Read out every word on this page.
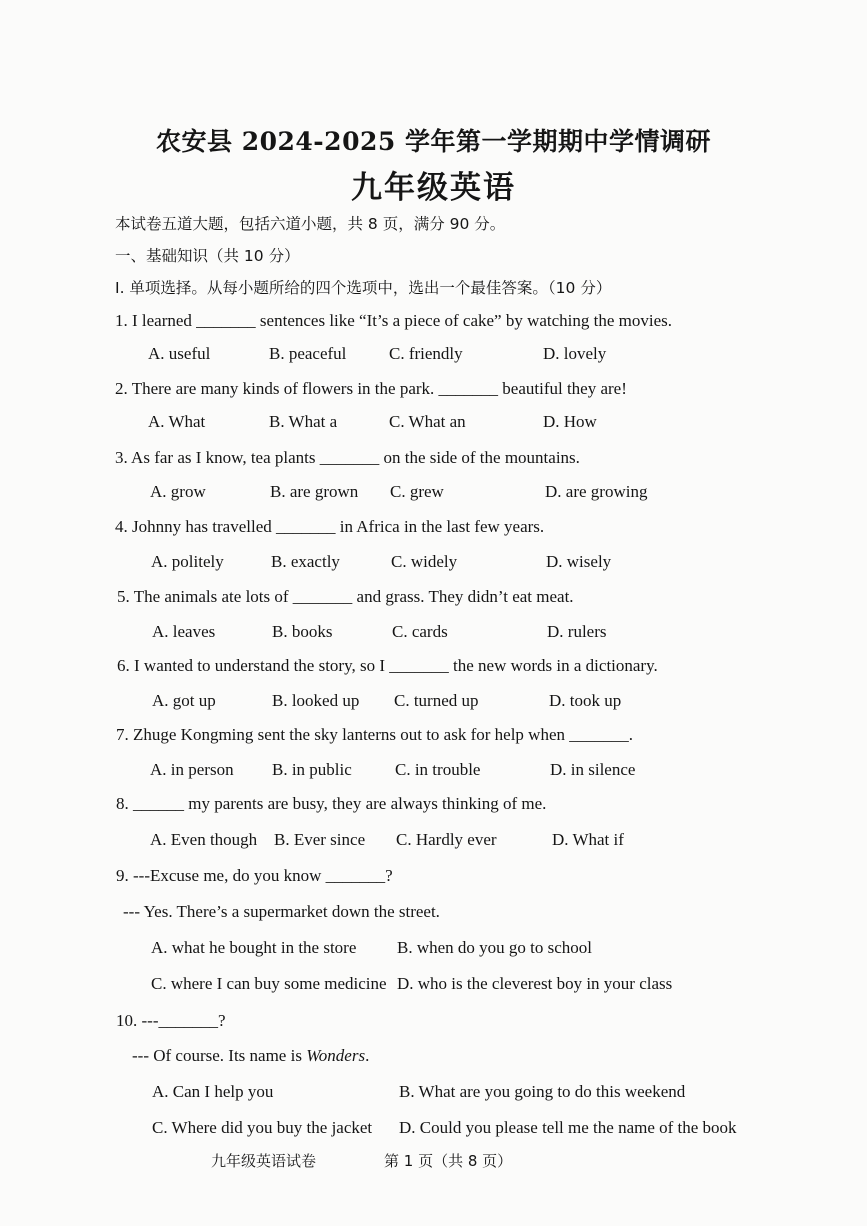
农安县 2024-2025 学年第一学期期中学情调研
九年级英语
本试卷五道大题，包括六道小题，共 8 页，满分 90 分。
一、基础知识（共 10 分）
I. 单项选择。从每小题所给的四个选项中，选出一个最佳答案。（10 分）
1. I learned _______ sentences like “It’s a piece of cake” by watching the movies.
A. useful	B. peaceful	C. friendly	D. lovely
2. There are many kinds of flowers in the park. _______ beautiful they are!
A. What	B. What a	C. What an	D. How
3. As far as I know, tea plants _______ on the side of the mountains.
A. grow	B. are grown C. grew	D. are growing
4. Johnny has travelled _______ in Africa in the last few years.
A. politely	B. exactly	C. widely	D. wisely
5. The animals ate lots of _______ and grass. They didn’t eat meat.
A. leaves	B. books	C. cards	D. rulers
6. I wanted to understand the story, so I _______ the new words in a dictionary.
A. got up	B. looked up C. turned up	D. took up
7. Zhuge Kongming sent the sky lanterns out to ask for help when _______.
A. in person B. in public	C. in trouble	D. in silence
8. ______ my parents are busy, they are always thinking of me.
A. Even though B. Ever since C. Hardly ever	D. What if
9. ---Excuse me, do you know _______?
--- Yes. There’s a supermarket down the street.
A. what he bought in the store B. when do you go to school
C. where I can buy some medicine D. who is the cleverest boy in your class
10. ---_______?
--- Of course. Its name is Wonders.
A. Can I help you	B. What are you going to do this weekend
C. Where did you buy the jacket D. Could you please tell me the name of the book
九年级英语试卷	第 1 页（共 8 页）
